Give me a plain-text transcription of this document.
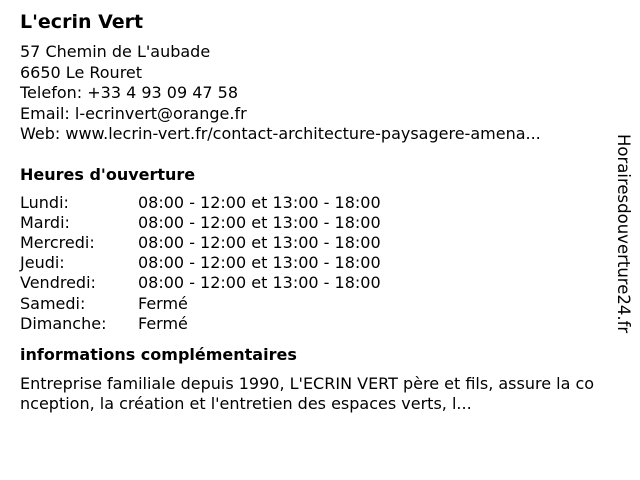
L'ecrin Vert
57 Chemin de L'aubade
6650 Le Rouret
Telefon: +33 4 93 09 47 58
Email: l-ecrinvert@orange.fr
Web: www.lecrin-vert.fr/contact-architecture-paysagere-amena...
Heures d'ouverture
Lundi:	08:00 - 12:00 et 13:00 - 18:00
Mardi:	08:00 - 12:00 et 13:00 - 18:00
Mercredi:	08:00 - 12:00 et 13:00 - 18:00
Jeudi:	08:00 - 12:00 et 13:00 - 18:00
Vendredi:	08:00 - 12:00 et 13:00 - 18:00
Samedi:	Fermé
Dimanche:	Fermé
informations complémentaires
Entreprise familiale depuis 1990, L'ECRIN VERT père et fils, assure la conception, la création et l'entretien des espaces verts, l...
Horairesdouverture24.fr
